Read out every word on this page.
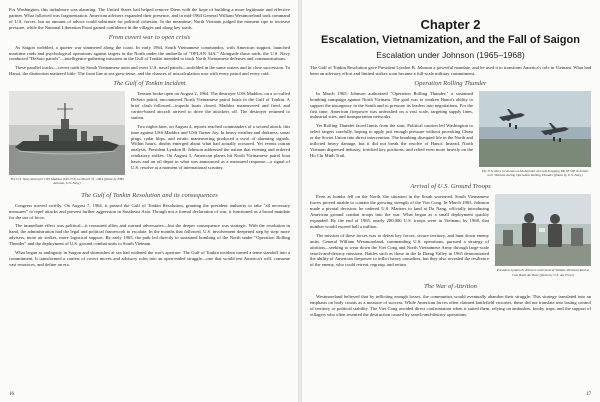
For Washington, this turbulence was alarming. The United States had helped remove Diem with the hope of building a more legitimate and effective partner. What followed was fragmentation. American advisers expanded their presence, and in mid-1964 General William Westmoreland took command of U.S. forces, but no amount of advice could substitute for political cohesion. In the meantime, North Vietnam judged the moment ripe to increase pressure, while the National Liberation Front gained confidence in the villages and along key roads.

From covert war to open crisis

As Saigon wobbled, a quieter war simmered along the coast. In early 1964, South Vietnamese commandos, with American support, launched maritime raids and psychological operations against targets in the North under the umbrella of "OPLAN 34A." Alongside those raids, the U.S. Navy conducted "DeSoto patrols"—intelligence-gathering missions in the Gulf of Tonkin intended to track North Vietnamese defenses and communications.

These parallel tracks—covert raids by South Vietnamese units and overt U.S. naval patrols—unfolded in the same waters and in close succession. To Hanoi, the distinction mattered little. The front line at sea grew tense, and the chances of miscalculation rose with every patrol and every raid.

The Gulf of Tonkin incident
The U.S. Navy destroyer USS Maddox (DD-731) on March 31, 1964 (photo by PH3 Antonio, U.S. Navy)

Tension broke open on August 2, 1964. The destroyer USS Maddox, on a so-called DeSoto patrol, encountered North Vietnamese patrol boats in the Gulf of Tonkin. A brief clash followed—torpedo boats closed, Maddox maneuvered and fired, and carrier-based aircraft arrived to drive the attackers off. The destroyer returned to station.

Two nights later, on August 4, reports reached commanders of a second attack, this time against USS Maddox and USS Turner Joy. In heavy weather and darkness, sonar pings, radar blips, and erratic maneuvering produced a swirl of alarming signals. Within hours, doubts emerged about what had actually occurred. Yet events outran analysis. President Lyndon B. Johnson addressed the nation that evening and ordered retaliatory strikes. On August 5, American planes hit North Vietnamese patrol boat bases and an oil depot in what was announced as a measured response—a signal of U.S. resolve at a moment of international scrutiny.

The Gulf of Tonkin Resolution and its consequences

Congress moved swiftly. On August 7, 1964, it passed the Gulf of Tonkin Resolution, granting the president authority to take "all necessary measures" to repel attacks and prevent further aggression in Southeast Asia. Though not a formal declaration of war, it functioned as a broad mandate for the use of force.

The immediate effect was political—it reassured allies and warned adversaries—but the deeper consequence was strategic. With the resolution in hand, the administration had the legal and political framework to escalate. In the months that followed, U.S. involvement deepened step by step: more advisers, more air strikes, more logistical support. By early 1965, the path led directly to sustained bombing of the North under "Operation Rolling Thunder" and the deployment of U.S. ground combat units to South Vietnam.

What began as ambiguity in Saigon and skirmishes at sea had widened the war's aperture. The Gulf of Tonkin incident turned a tense standoff into a commitment. It transformed a contest of covert moves and advisory roles into an open-ended struggle—one that would test America's will, consume vast resources, and define an era.

16
Chapter 2
Escalation, Vietnamization, and the Fall of Saigon
Escalation under Johnson (1965–1968)

The Gulf of Tonkin Resolution gave President Lyndon B. Johnson a powerful mandate, and he used it to transform America's role in Vietnam. What had been an advisory effort and limited strikes soon became a full-scale military commitment.

Operation Rolling Thunder
The U.S. Navy Grumman A-6A Intruder aircraft dropping Mk 83 500 lb bombs over Vietnam during Operation Rolling Thunder (photo by U.S. Navy)

In March 1965, Johnson authorized "Operation Rolling Thunder," a sustained bombing campaign against North Vietnam. The goal was to weaken Hanoi's ability to support the insurgency in the South and to pressure its leaders into negotiations. For the first time, American firepower was unleashed on a vast scale, targeting supply lines, industrial sites, and transportation networks.

Yet Rolling Thunder faced limits from the start. Political caution led Washington to select targets carefully, hoping to apply just enough pressure without provoking China or the Soviet Union into direct intervention. The bombing disrupted life in the North and inflicted heavy damage, but it did not break the resolve of Hanoi. Instead, North Vietnam dispersed industry, fortified key positions, and relied even more heavily on the Ho Chi Minh Trail.

Arrival of U.S. Ground Troops
President Lyndon B. Johnson and General William Westmoreland at Cam Ranh Air Base (photo by U.S. Air Force)

Even as bombs fell on the North, the situation in the South worsened. South Vietnamese forces proved unable to contain the growing strength of the Viet Cong. In March 1965, Johnson made a pivotal decision: he ordered U.S. Marines to land at Da Nang, officially introducing American ground combat troops into the war. What began as a small deployment quickly expanded. By the end of 1965, nearly 200,000 U.S. troops were in Vietnam; by 1968, that number would exceed half a million.

The mission of these forces was to defeat key forces, secure territory, and hunt down enemy units. General William Westmoreland, commanding U.S. operations, pursued a strategy of attrition—seeking to wear down the Viet Cong and North Vietnamese Army through large-scale search-and-destroy missions. Battles such as those in the Ia Drang Valley in 1965 demonstrated the ability of American firepower to inflict heavy casualties, but they also revealed the resilience of the enemy, who could retreat, regroup, and return.

The War of Attrition

Westmoreland believed that by inflicting enough losses, the communists would eventually abandon their struggle. This strategy translated into an emphasis on body counts as a measure of success. While American forces often claimed battlefield victories, these did not translate into lasting control of territory or political stability. The Viet Cong avoided direct confrontation when it suited them, relying on ambushes, booby traps, and the support of villagers who often resented the destruction caused by search-and-destroy operations.

17
